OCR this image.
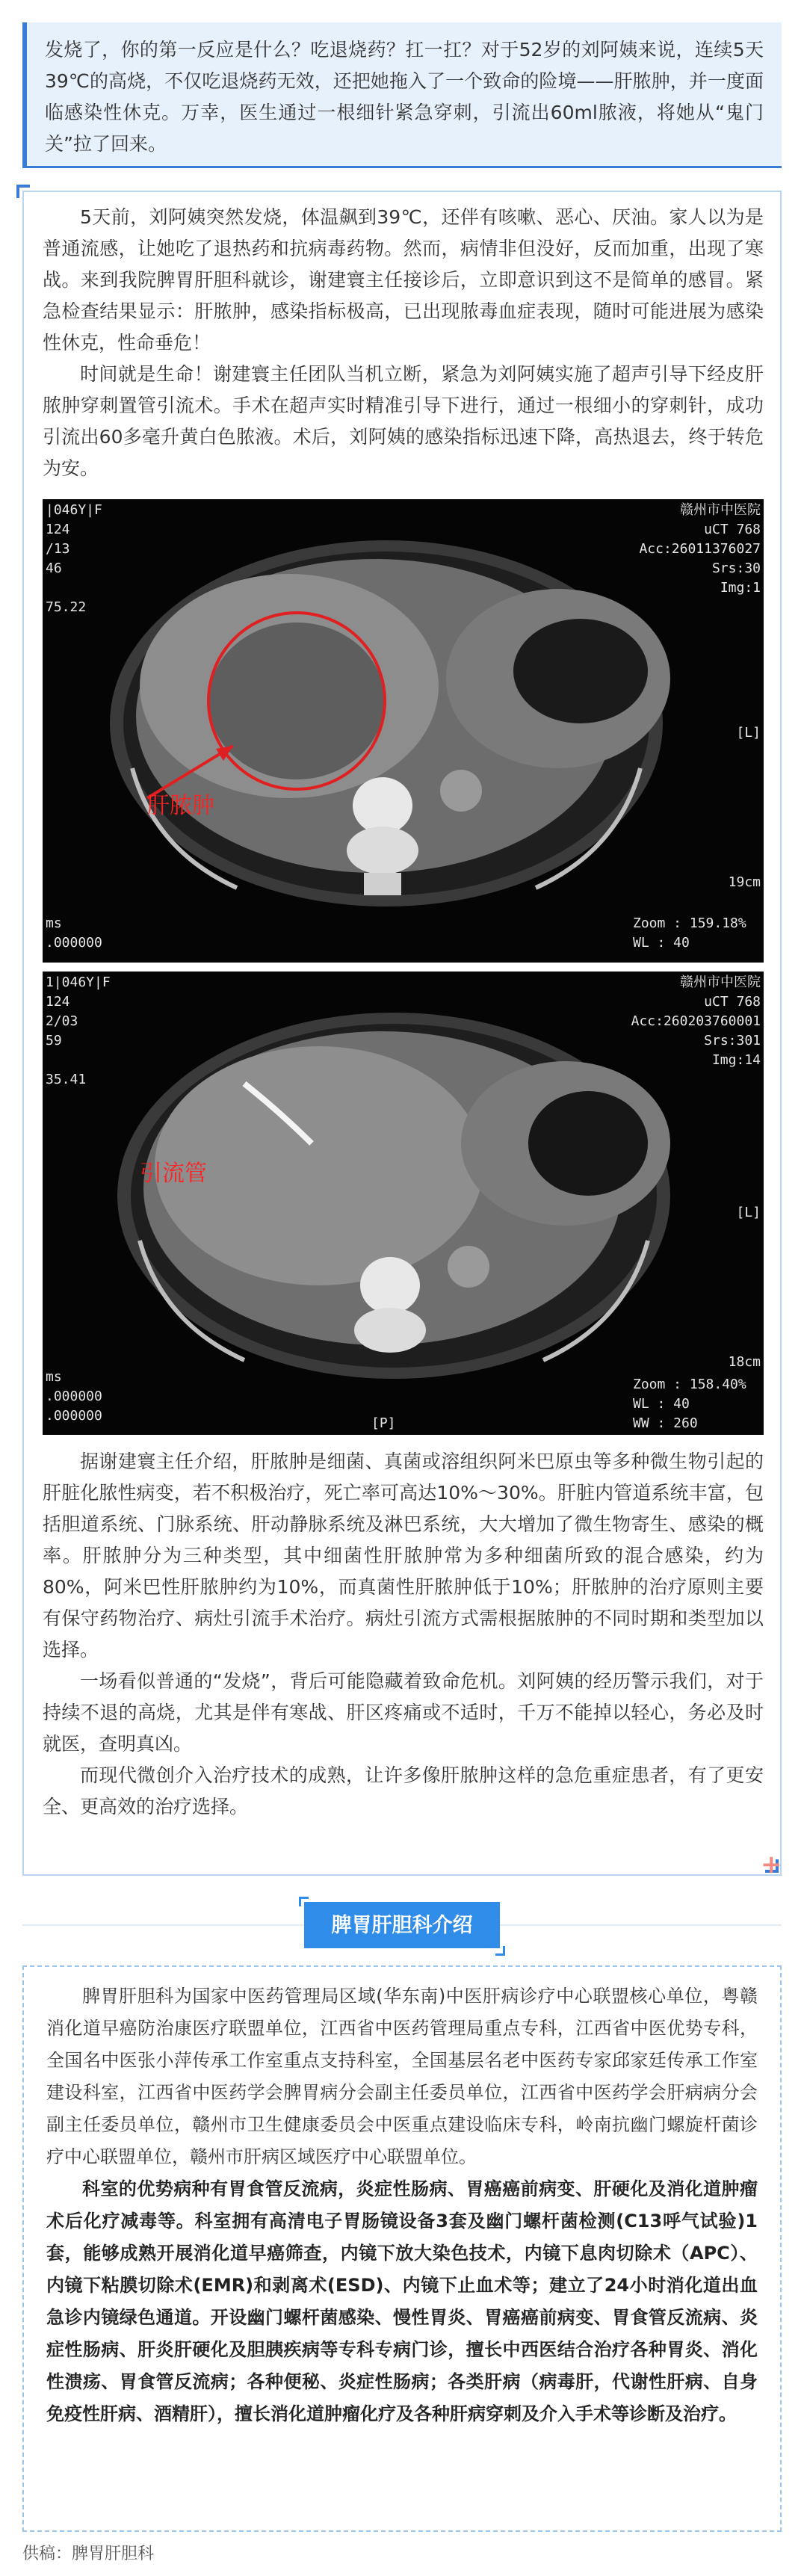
发烧了，你的第一反应是什么？吃退烧药？扛一扛？对于52岁的刘阿姨来说，连续5天39℃的高烧，不仅吃退烧药无效，还把她拖入了一个致命的险境——肝脓肿，并一度面临感染性休克。万幸，医生通过一根细针紧急穿刺，引流出60ml脓液，将她从“鬼门关”拉了回来。

+

5天前，刘阿姨突然发烧，体温飙到39℃，还伴有咳嗽、恶心、厌油。家人以为是普通流感，让她吃了退热药和抗病毒药物。然而，病情非但没好，反而加重，出现了寒战。来到我院脾胃肝胆科就诊，谢建寰主任接诊后，立即意识到这不是简单的感冒。紧急检查结果显示：肝脓肿，感染指标极高，已出现脓毒血症表现，随时可能进展为感染性休克，性命垂危！

时间就是生命！谢建寰主任团队当机立断，紧急为刘阿姨实施了超声引导下经皮肝脓肿穿刺置管引流术。手术在超声实时精准引导下进行，通过一根细小的穿刺针，成功引流出60多毫升黄白色脓液。术后，刘阿姨的感染指标迅速下降，高热退去，终于转危为安。

|046Y|F
124
/13
46

75.22
赣州市中医院
uCT 768
Acc:26011376027
Srs:30
Img:1
[L]
19cm
ms
.000000
Zoom : 159.18%
WL : 40
肝脓肿
1|046Y|F
124
2/03
59

35.41
赣州市中医院
uCT 768
Acc:260203760001
Srs:301
Img:14
[L]
18cm
ms
.000000
.000000	[P]
Zoom : 158.40%
WL : 40
WW : 260
引流管

据谢建寰主任介绍，肝脓肿是细菌、真菌或溶组织阿米巴原虫等多种微生物引起的肝脏化脓性病变，若不积极治疗，死亡率可高达10%～30%。肝脏内管道系统丰富，包括胆道系统、门脉系统、肝动静脉系统及淋巴系统，大大增加了微生物寄生、感染的概率。肝脓肿分为三种类型，其中细菌性肝脓肿常为多种细菌所致的混合感染，约为80%，阿米巴性肝脓肿约为10%，而真菌性肝脓肿低于10%；肝脓肿的治疗原则主要有保守药物治疗、病灶引流手术治疗。病灶引流方式需根据脓肿的不同时期和类型加以选择。

一场看似普通的“发烧”，背后可能隐藏着致命危机。刘阿姨的经历警示我们，对于持续不退的高烧，尤其是伴有寒战、肝区疼痛或不适时，千万不能掉以轻心，务必及时就医，查明真凶。

而现代微创介入治疗技术的成熟，让许多像肝脓肿这样的急危重症患者，有了更安全、更高效的治疗选择。

脾胃肝胆科介绍

脾胃肝胆科为国家中医药管理局区域(华东南)中医肝病诊疗中心联盟核心单位，粤赣消化道早癌防治康医疗联盟单位，江西省中医药管理局重点专科，江西省中医优势专科，全国名中医张小萍传承工作室重点支持科室，全国基层名老中医药专家邱家廷传承工作室建设科室，江西省中医药学会脾胃病分会副主任委员单位，江西省中医药学会肝病病分会副主任委员单位，赣州市卫生健康委员会中医重点建设临床专科，岭南抗幽门螺旋杆菌诊疗中心联盟单位，赣州市肝病区域医疗中心联盟单位。

科室的优势病种有胃食管反流病，炎症性肠病、胃癌癌前病变、肝硬化及消化道肿瘤术后化疗减毒等。科室拥有高清电子胃肠镜设备3套及幽门螺杆菌检测(C13呼气试验)1套，能够成熟开展消化道早癌筛查，内镜下放大染色技术，内镜下息肉切除术（APC）、内镜下粘膜切除术(EMR)和剥离术(ESD)、内镜下止血术等；建立了24小时消化道出血急诊内镜绿色通道。开设幽门螺杆菌感染、慢性胃炎、胃癌癌前病变、胃食管反流病、炎症性肠病、肝炎肝硬化及胆胰疾病等专科专病门诊，擅长中西医结合治疗各种胃炎、消化性溃疡、胃食管反流病；各种便秘、炎症性肠病；各类肝病（病毒肝，代谢性肝病、自身免疫性肝病、酒精肝），擅长消化道肿瘤化疗及各种肝病穿刺及介入手术等诊断及治疗。

供稿：脾胃肝胆科
